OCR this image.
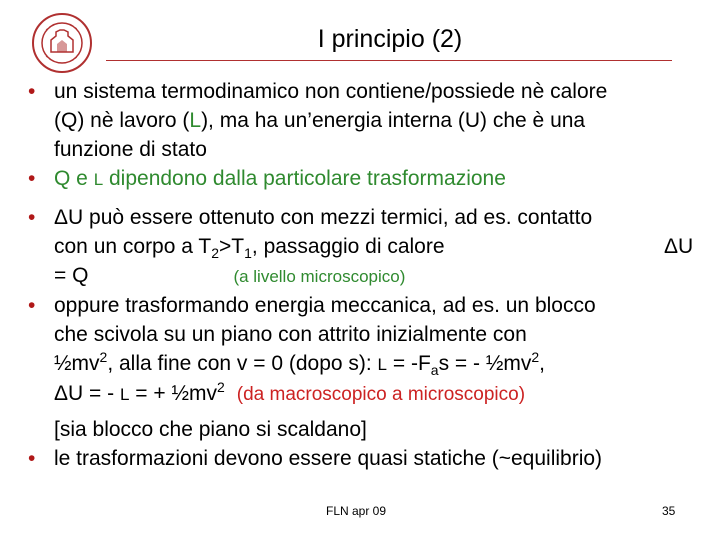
I principio (2)
• un sistema termodinamico non contiene/possiede nè calore
(Q) nè lavoro (L), ma ha un’energia interna (U) che è una
funzione di stato
• Q e L dipendono dalla particolare trasformazione
• ΔU può essere ottenuto con mezzi termici, ad es. contatto
con un corpo a $T_2>T_1$, passaggio di calore	ΔU
= Q	(a livello microscopico)
• oppure trasformando energia meccanica, ad es. un blocco
che scivola su un piano con attrito inizialmente con
$\frac{1}{2}mv^2$, alla fine con v = 0 (dopo s): $L = -F_as$ = - $\frac{1}{2}mv^2$,
ΔU = - L = + $\frac{1}{2}mv^2$ (da macroscopico a microscopico)
[sia blocco che piano si scaldano]
• le trasformazioni devono essere quasi statiche (~equilibrio)
FLN apr 09	35
